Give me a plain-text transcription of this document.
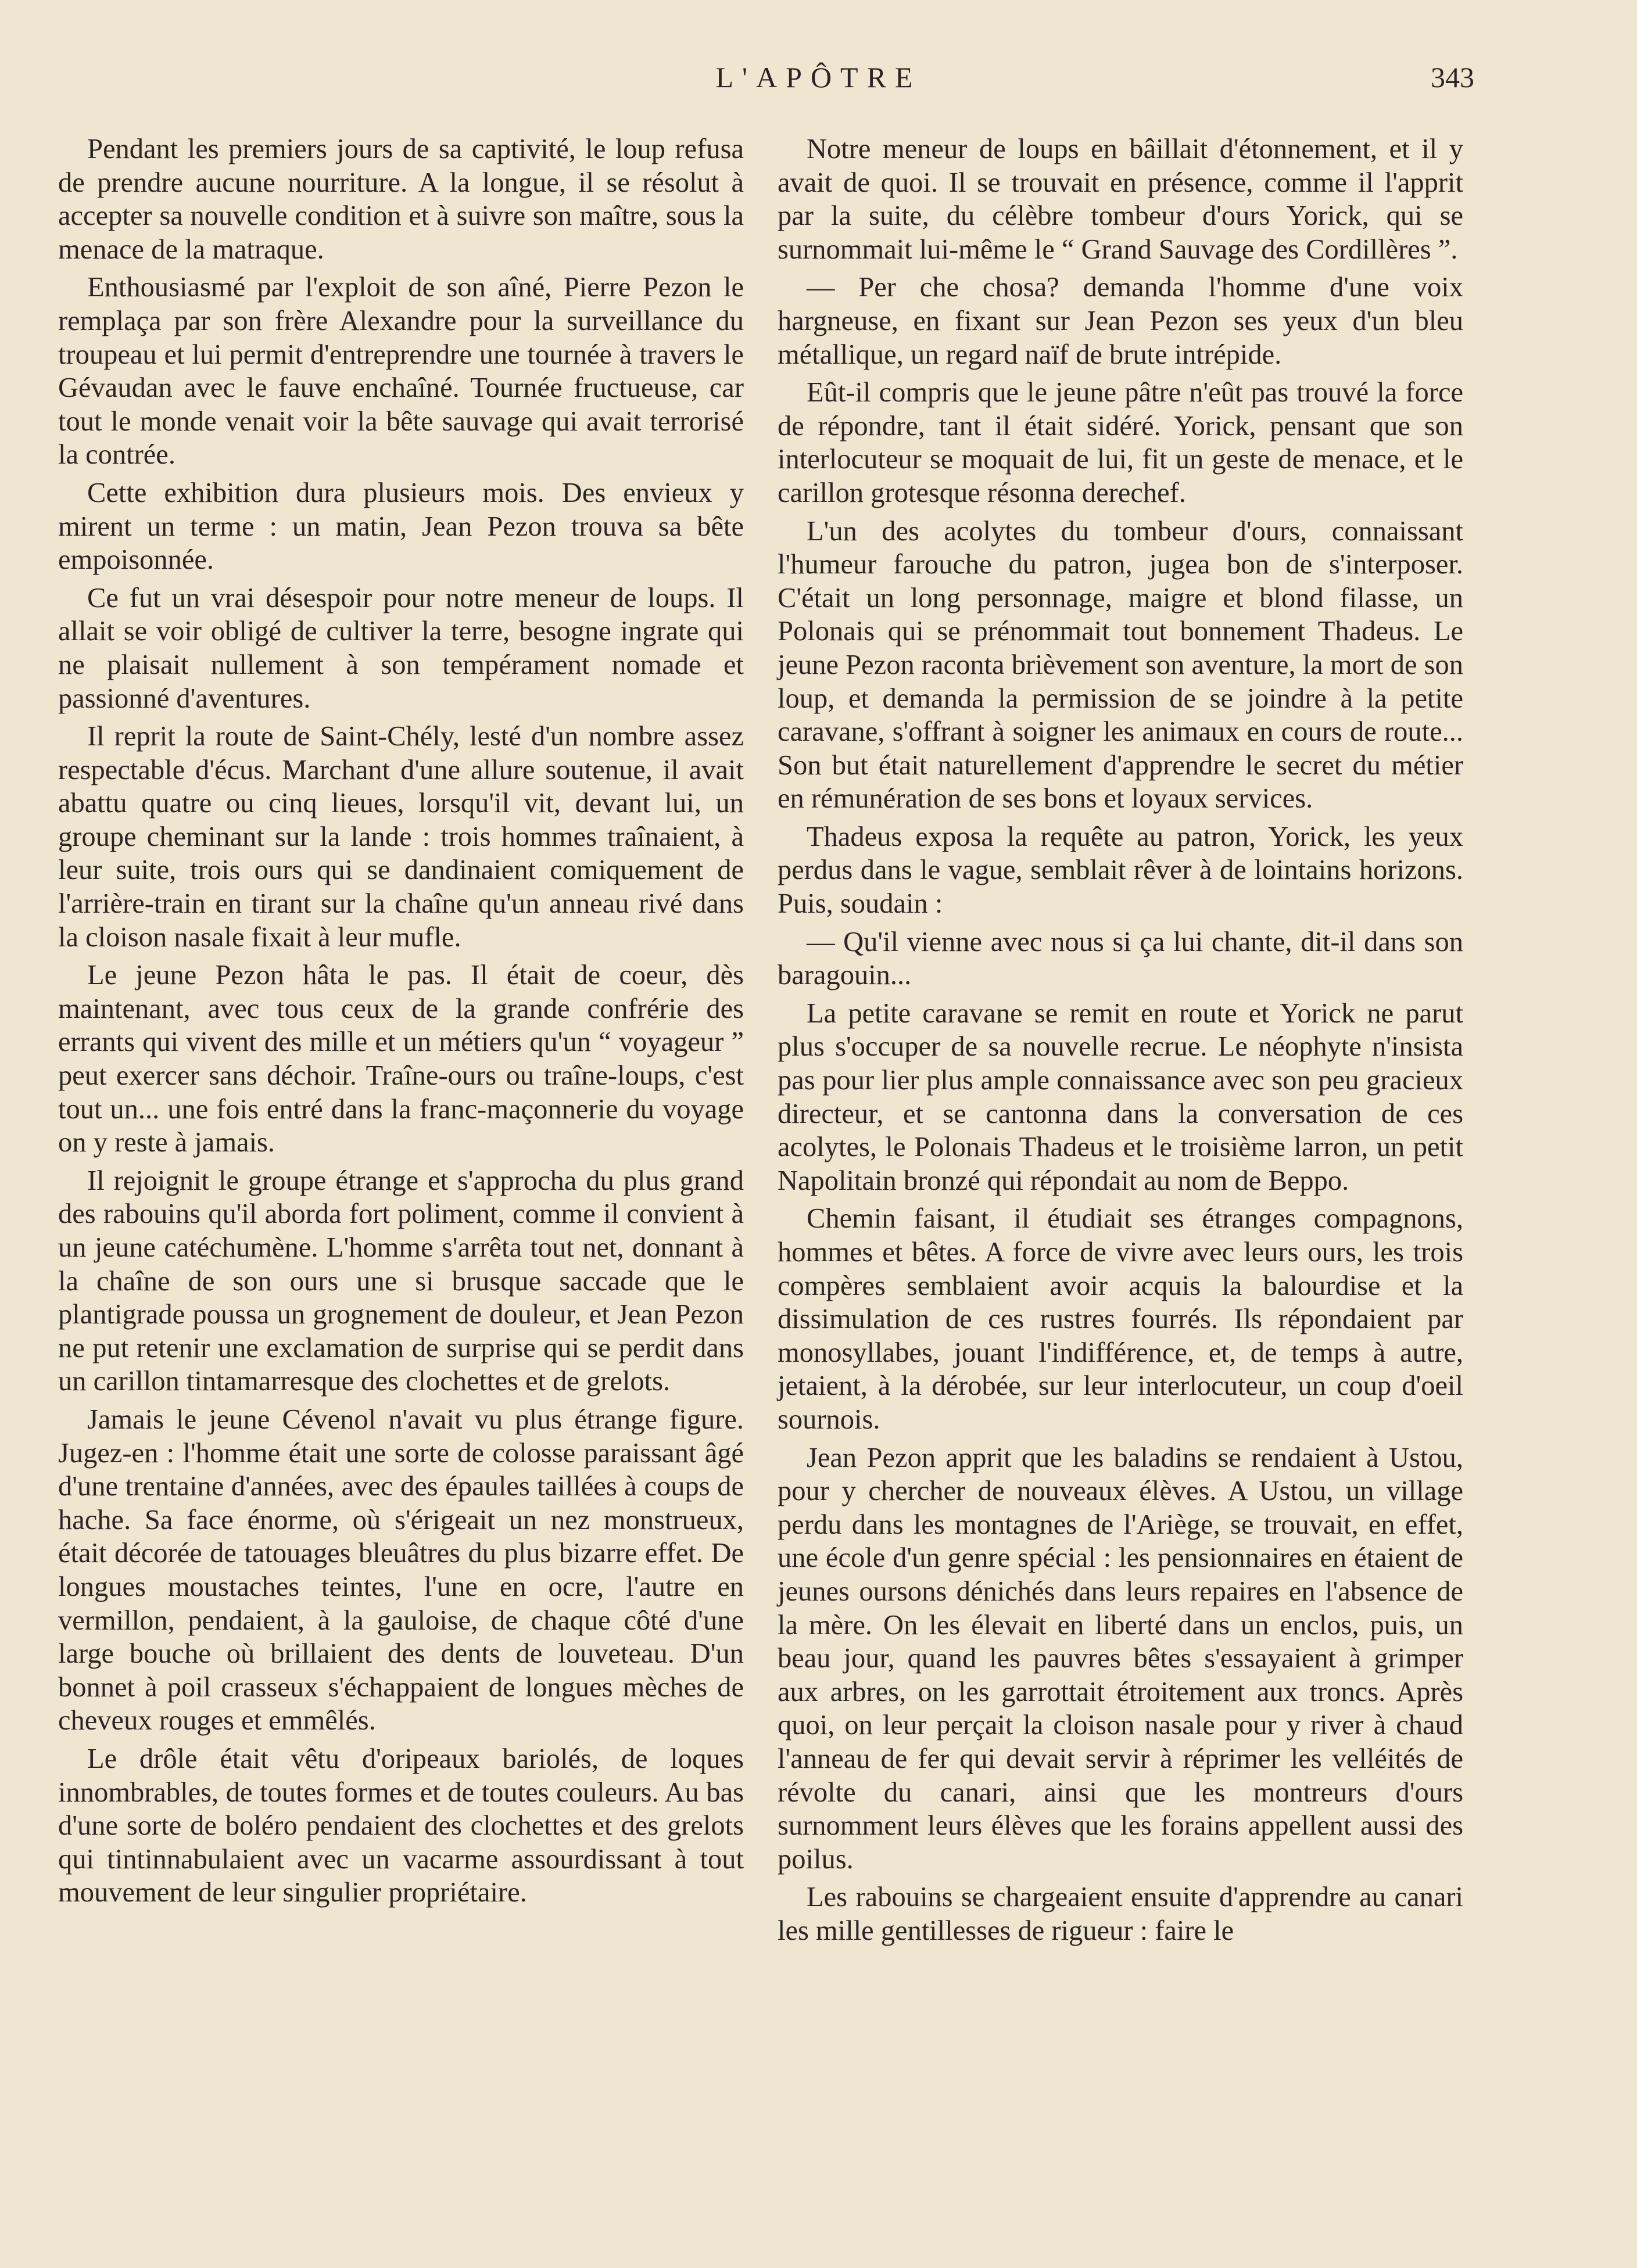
L'APÔTRE	343

Pendant les premiers jours de sa captivité, le loup refusa de prendre aucune nourriture. A la longue, il se résolut à accepter sa nouvelle condition et à suivre son maître, sous la menace de la matraque.

Enthousiasmé par l'exploit de son aîné, Pierre Pezon le remplaça par son frère Alexandre pour la surveillance du troupeau et lui permit d'entreprendre une tournée à travers le Gévaudan avec le fauve enchaîné. Tournée fructueuse, car tout le monde venait voir la bête sauvage qui avait terrorisé la contrée.

Cette exhibition dura plusieurs mois. Des envieux y mirent un terme : un matin, Jean Pezon trouva sa bête empoisonnée.

Ce fut un vrai désespoir pour notre meneur de loups. Il allait se voir obligé de cultiver la terre, besogne ingrate qui ne plaisait nullement à son tempérament nomade et passionné d'aventures.

Il reprit la route de Saint-Chély, lesté d'un nombre assez respectable d'écus. Marchant d'une allure soutenue, il avait abattu quatre ou cinq lieues, lorsqu'il vit, devant lui, un groupe cheminant sur la lande : trois hommes traînaient, à leur suite, trois ours qui se dandinaient comiquement de l'arrière-train en tirant sur la chaîne qu'un anneau rivé dans la cloison nasale fixait à leur mufle.

Le jeune Pezon hâta le pas. Il était de coeur, dès maintenant, avec tous ceux de la grande confrérie des errants qui vivent des mille et un métiers qu'un “ voyageur ” peut exercer sans déchoir. Traîne-ours ou traîne-loups, c'est tout un... une fois entré dans la franc-maçonnerie du voyage on y reste à jamais.

Il rejoignit le groupe étrange et s'approcha du plus grand des rabouins qu'il aborda fort poliment, comme il convient à un jeune catéchumène. L'homme s'arrêta tout net, donnant à la chaîne de son ours une si brusque saccade que le plantigrade poussa un grognement de douleur, et Jean Pezon ne put retenir une exclamation de surprise qui se perdit dans un carillon tintamarresque des clochettes et de grelots.

Jamais le jeune Cévenol n'avait vu plus étrange figure. Jugez-en : l'homme était une sorte de colosse paraissant âgé d'une trentaine d'années, avec des épaules taillées à coups de hache. Sa face énorme, où s'érigeait un nez monstrueux, était décorée de tatouages bleuâtres du plus bizarre effet. De longues moustaches teintes, l'une en ocre, l'autre en vermillon, pendaient, à la gauloise, de chaque côté d'une large bouche où brillaient des dents de louveteau. D'un bonnet à poil crasseux s'échappaient de longues mèches de cheveux rouges et emmêlés.

Le drôle était vêtu d'oripeaux bariolés, de loques innombrables, de toutes formes et de toutes couleurs. Au bas d'une sorte de boléro pendaient des clochettes et des grelots qui tintinnabulaient avec un vacarme assourdissant à tout mouvement de leur singulier propriétaire.

Notre meneur de loups en bâillait d'étonnement, et il y avait de quoi. Il se trouvait en présence, comme il l'apprit par la suite, du célèbre tombeur d'ours Yorick, qui se surnommait lui-même le “ Grand Sauvage des Cordillères ”.

— Per che chosa? demanda l'homme d'une voix hargneuse, en fixant sur Jean Pezon ses yeux d'un bleu métallique, un regard naïf de brute intrépide.

Eût-il compris que le jeune pâtre n'eût pas trouvé la force de répondre, tant il était sidéré. Yorick, pensant que son interlocuteur se moquait de lui, fit un geste de menace, et le carillon grotesque résonna derechef.

L'un des acolytes du tombeur d'ours, connaissant l'humeur farouche du patron, jugea bon de s'interposer. C'était un long personnage, maigre et blond filasse, un Polonais qui se prénommait tout bonnement Thadeus. Le jeune Pezon raconta brièvement son aventure, la mort de son loup, et demanda la permission de se joindre à la petite caravane, s'offrant à soigner les animaux en cours de route... Son but était naturellement d'apprendre le secret du métier en rémunération de ses bons et loyaux services.

Thadeus exposa la requête au patron, Yorick, les yeux perdus dans le vague, semblait rêver à de lointains horizons. Puis, soudain :

— Qu'il vienne avec nous si ça lui chante, dit-il dans son baragouin...

La petite caravane se remit en route et Yorick ne parut plus s'occuper de sa nouvelle recrue. Le néophyte n'insista pas pour lier plus ample connaissance avec son peu gracieux directeur, et se cantonna dans la conversation de ces acolytes, le Polonais Thadeus et le troisième larron, un petit Napolitain bronzé qui répondait au nom de Beppo.

Chemin faisant, il étudiait ses étranges compagnons, hommes et bêtes. A force de vivre avec leurs ours, les trois compères semblaient avoir acquis la balourdise et la dissimulation de ces rustres fourrés. Ils répondaient par monosyllabes, jouant l'indifférence, et, de temps à autre, jetaient, à la dérobée, sur leur interlocuteur, un coup d'oeil sournois.

Jean Pezon apprit que les baladins se rendaient à Ustou, pour y chercher de nouveaux élèves. A Ustou, un village perdu dans les montagnes de l'Ariège, se trouvait, en effet, une école d'un genre spécial : les pensionnaires en étaient de jeunes oursons dénichés dans leurs repaires en l'absence de la mère. On les élevait en liberté dans un enclos, puis, un beau jour, quand les pauvres bêtes s'essayaient à grimper aux arbres, on les garrottait étroitement aux troncs. Après quoi, on leur perçait la cloison nasale pour y river à chaud l'anneau de fer qui devait servir à réprimer les velléités de révolte du canari, ainsi que les montreurs d'ours surnomment leurs élèves que les forains appellent aussi des poilus.

Les rabouins se chargeaient ensuite d'apprendre au canari les mille gentillesses de rigueur : faire le
